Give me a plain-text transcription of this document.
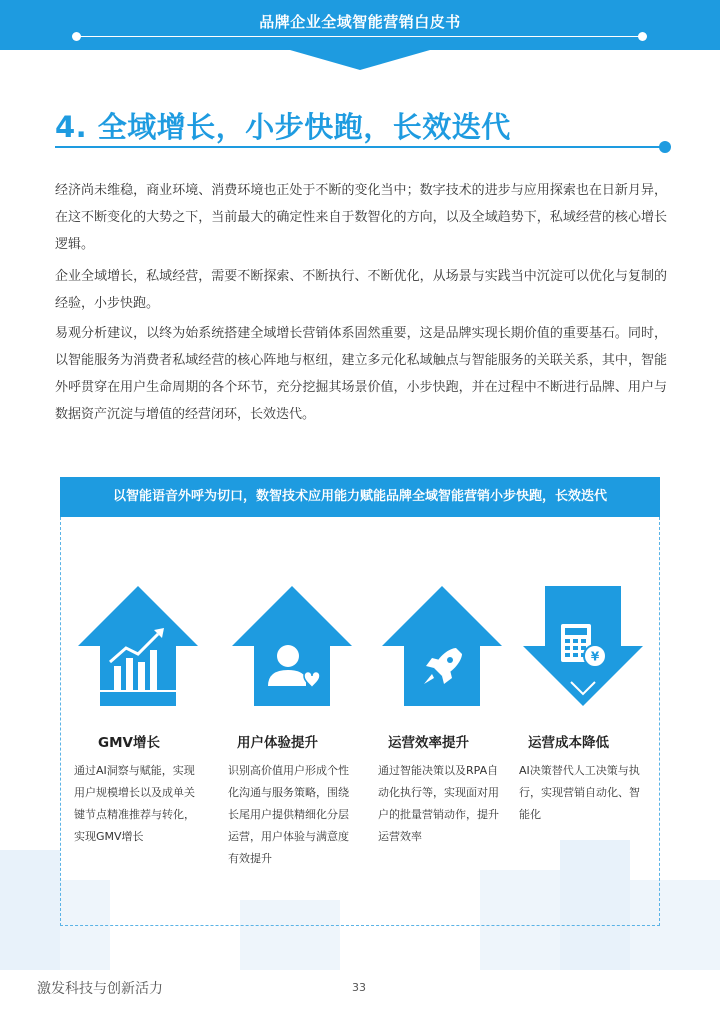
品牌企业全域智能营销白皮书
4. 全域增长，小步快跑，长效迭代
经济尚未维稳，商业环境、消费环境也正处于不断的变化当中；数字技术的进步与应用探索也在日新月异，在这不断变化的大势之下，当前最大的确定性来自于数智化的方向，以及全域趋势下，私域经营的核心增长逻辑。
企业全域增长，私域经营，需要不断探索、不断执行、不断优化，从场景与实践当中沉淀可以优化与复制的经验，小步快跑。
易观分析建议，以终为始系统搭建全域增长营销体系固然重要，这是品牌实现长期价值的重要基石。同时，以智能服务为消费者私域经营的核心阵地与枢纽，建立多元化私域触点与智能服务的关联关系，其中，智能外呼贯穿在用户生命周期的各个环节，充分挖掘其场景价值，小步快跑，并在过程中不断进行品牌、用户与数据资产沉淀与增值的经营闭环，长效迭代。
以智能语音外呼为切口，数智技术应用能力赋能品牌全域智能营销小步快跑，长效迭代
¥
GMV增长	用户体验提升	运营效率提升	运营成本降低
通过AI洞察与赋能，实现用户规模增长以及成单关键节点精准推荐与转化，实现GMV增长
识别高价值用户形成个性化沟通与服务策略，围绕长尾用户提供精细化分层运营，用户体验与满意度有效提升
通过智能决策以及RPA自动化执行等，实现面对用户的批量营销动作，提升运营效率
AI决策替代人工决策与执行，实现营销自动化、智能化
激发科技与创新活力	33
